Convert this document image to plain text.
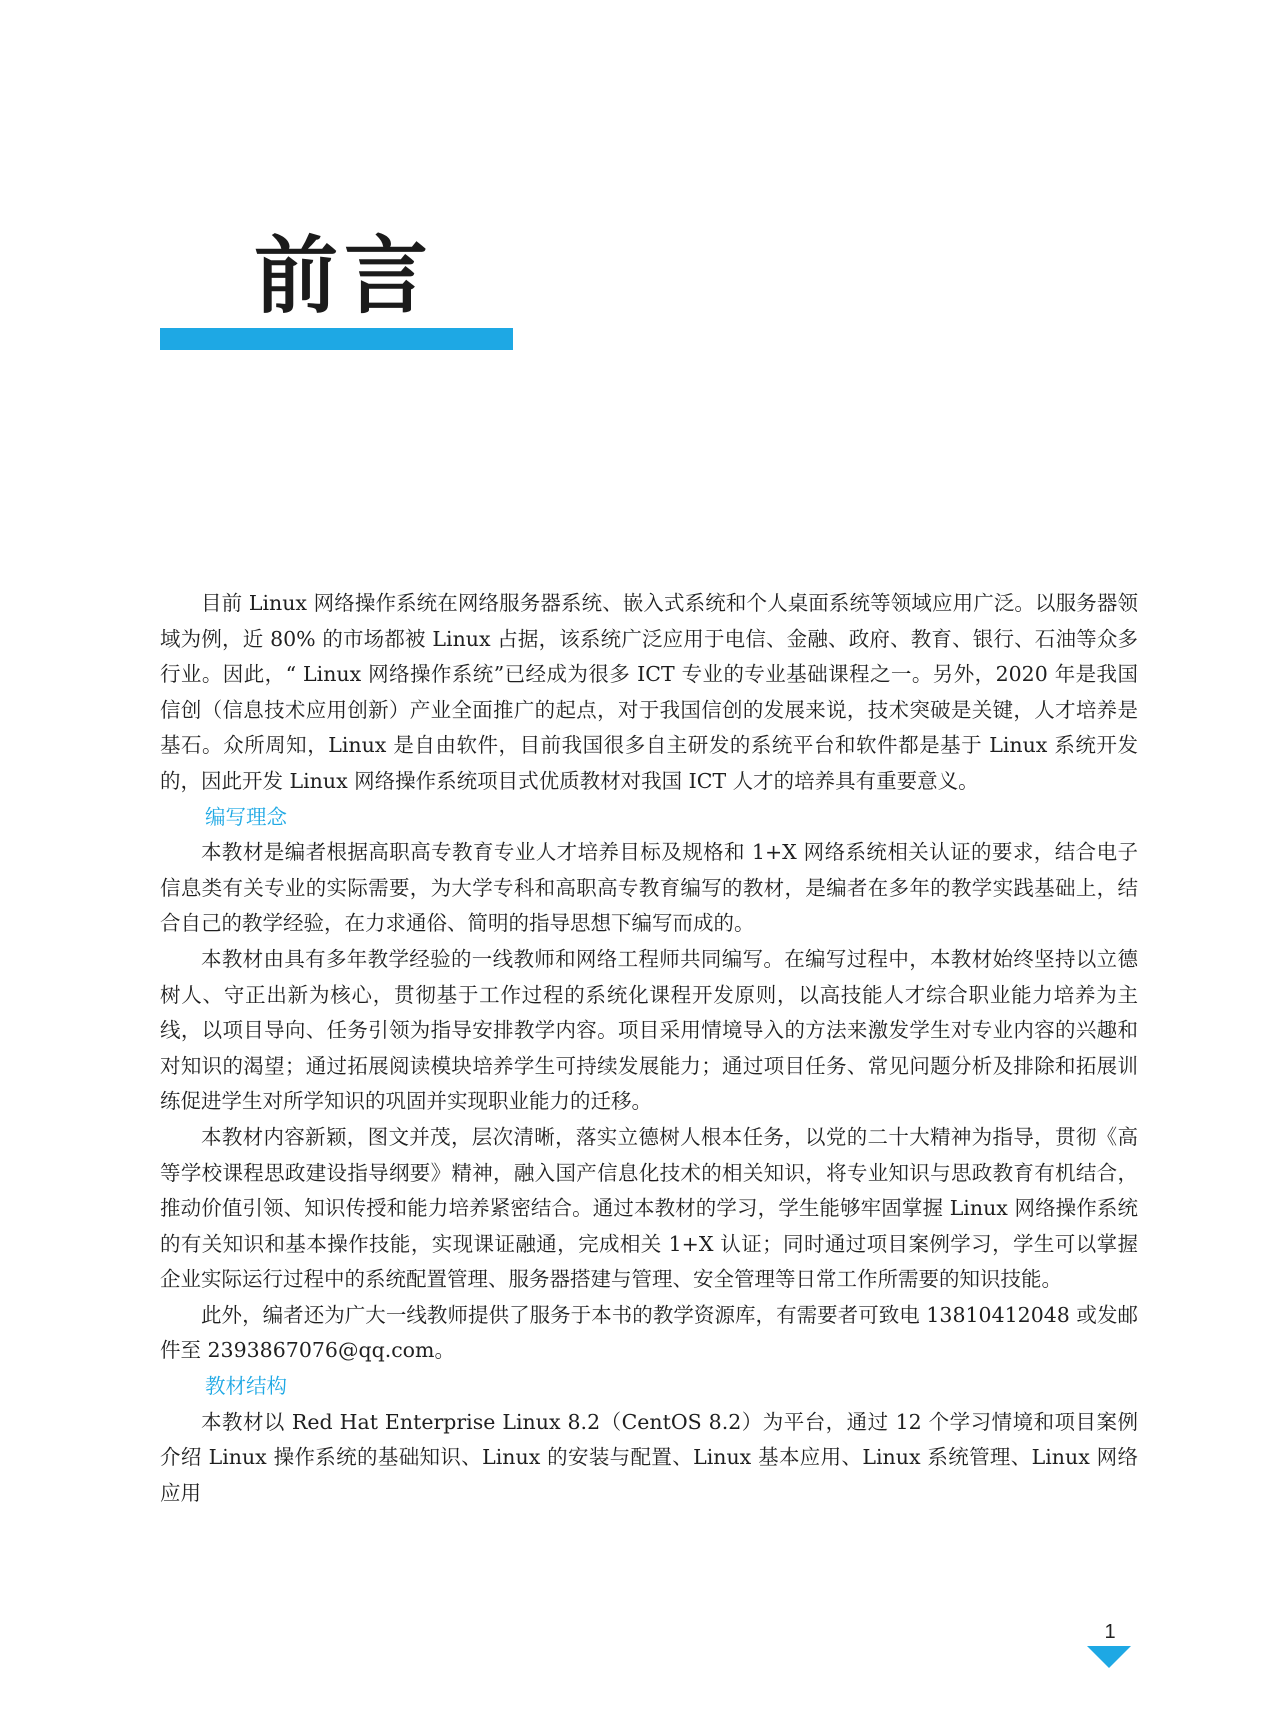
前言

目前 Linux 网络操作系统在网络服务器系统、嵌入式系统和个人桌面系统等领域应用广泛。以服务器领域为例，近 80% 的市场都被 Linux 占据，该系统广泛应用于电信、金融、政府、教育、银行、石油等众多行业。因此，“ Linux 网络操作系统”已经成为很多 ICT 专业的专业基础课程之一。另外，2020 年是我国信创（信息技术应用创新）产业全面推广的起点，对于我国信创的发展来说，技术突破是关键，人才培养是基石。众所周知，Linux 是自由软件，目前我国很多自主研发的系统平台和软件都是基于 Linux 系统开发的，因此开发 Linux 网络操作系统项目式优质教材对我国 ICT 人才的培养具有重要意义。

编写理念

本教材是编者根据高职高专教育专业人才培养目标及规格和 1+X 网络系统相关认证的要求，结合电子信息类有关专业的实际需要，为大学专科和高职高专教育编写的教材，是编者在多年的教学实践基础上，结合自己的教学经验，在力求通俗、简明的指导思想下编写而成的。

本教材由具有多年教学经验的一线教师和网络工程师共同编写。在编写过程中，本教材始终坚持以立德树人、守正出新为核心，贯彻基于工作过程的系统化课程开发原则，以高技能人才综合职业能力培养为主线，以项目导向、任务引领为指导安排教学内容。项目采用情境导入的方法来激发学生对专业内容的兴趣和对知识的渴望；通过拓展阅读模块培养学生可持续发展能力；通过项目任务、常见问题分析及排除和拓展训练促进学生对所学知识的巩固并实现职业能力的迁移。

本教材内容新颖，图文并茂，层次清晰，落实立德树人根本任务，以党的二十大精神为指导，贯彻《高等学校课程思政建设指导纲要》精神，融入国产信息化技术的相关知识，将专业知识与思政教育有机结合，推动价值引领、知识传授和能力培养紧密结合。通过本教材的学习，学生能够牢固掌握 Linux 网络操作系统的有关知识和基本操作技能，实现课证融通，完成相关 1+X 认证；同时通过项目案例学习，学生可以掌握企业实际运行过程中的系统配置管理、服务器搭建与管理、安全管理等日常工作所需要的知识技能。

此外，编者还为广大一线教师提供了服务于本书的教学资源库，有需要者可致电 13810412048 或发邮件至 2393867076@qq.com。

教材结构

本教材以 Red Hat Enterprise Linux 8.2（CentOS 8.2）为平台，通过 12 个学习情境和项目案例介绍 Linux 操作系统的基础知识、Linux 的安装与配置、Linux 基本应用、Linux 系统管理、Linux 网络应用

1
